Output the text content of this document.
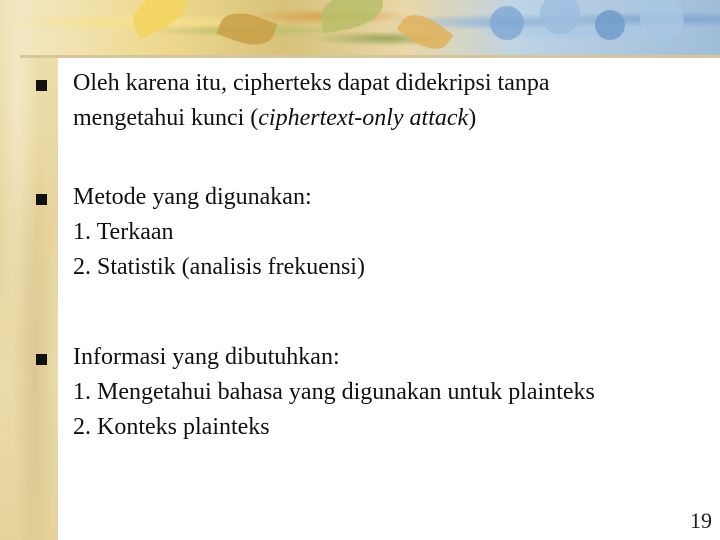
Oleh karena itu, cipherteks dapat didekripsi tanpa
mengetahui kunci (ciphertext-only attack)
Metode yang digunakan:
1. Terkaan
2. Statistik (analisis frekuensi)
Informasi yang dibutuhkan:
1. Mengetahui bahasa yang digunakan untuk plainteks
2. Konteks plainteks
19
